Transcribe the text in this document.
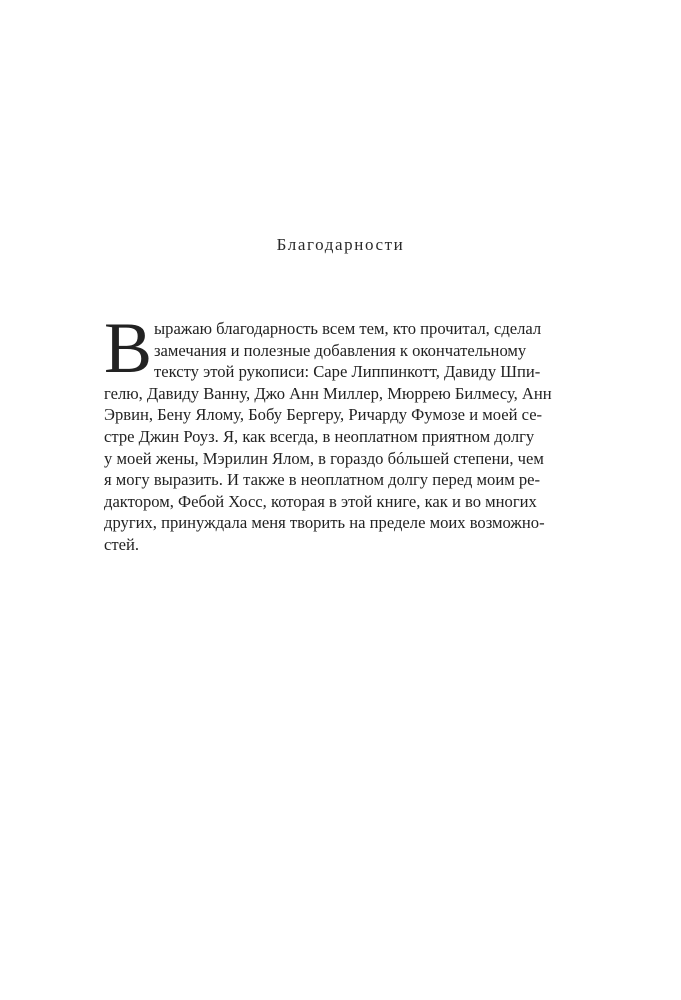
Благодарности
В ыражаю благодарность всем тем, кто прочитал, сделал
замечания и полезные добавления к окончательному
тексту этой рукописи: Саре Липпинкотт, Давиду Шпи-
гелю, Давиду Ванну, Джо Анн Миллер, Мюррею Билмесу, Анн
Эрвин, Бену Ялому, Бобу Бергеру, Ричарду Фумозе и моей се-
стре Джин Роуз. Я, как всегда, в неоплатном приятном долгу
у моей жены, Мэрилин Ялом, в гораздо бóльшей степени, чем
я могу выразить. И также в неоплатном долгу перед моим ре-
дактором, Фебой Хосс, которая в этой книге, как и во многих
других, принуждала меня творить на пределе моих возможно-
стей.
